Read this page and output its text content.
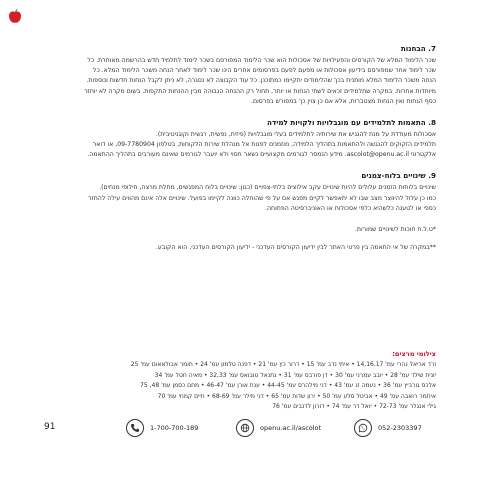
7. הבחנות

שכר הלימוד המלא של הקורסים והפעילויות של אסכולות הוא שכר הלימוד המפורסם בשכר לימוד לתלמיד חדש בהרשמה מאוחרת. כל

שכר לימוד אחר שמפורסם בידיעון אסכולות או מפעם לפעם בפרסומים אחרים הינו שכר לימוד לאחר הנחה משכר הלימוד המלא. כל

הנחה משכר הלימוד המלא מותנית בכך שהלימודים יתקיימו כמתוכנן. כל עוד הקבוצה לא נסגרה, לא ניתן לקבל הנחות חדשות ונוספות.

מיוחדות אחרות. במקרה שתלמידים זכאים לשתי הנחות או יותר, תחול רק ההנחה הגבוהה מבין ההנחות התקפות. בשום מקרה לא יוחזר

כסף הנחות ואין הנחות מצטברות, אלא אם כן צוין כך במפורש בפרסום.

8. התאמות לתלמידים עם מוגבלויות ולקויות למידה

אסכולות מעודדת על מנת להנגיש את שירותיה לתלמידים בעלי מוגבלויות (פיזית, נפשית, רגשית וקוגניטיבית).

תלמידים הזקוקים להנגשה ולהתאמות בתהליך הלמידה, מוזמנים לפנות אל מנהלת שירות הלקוחות, בטלפון 09-7780904, או דואר

אלקטרוני ascolot@openu.ac.il. מידע הנמסר לגורמים מקצועיים נשאר חסוי ולא יועבר לגורמים שאינם מעורבים בתהליך ההתאמה.

9. שינויים בלוח-צמנים

שינויים בלוחות הזמנים עלולים להיות שינויים עקב אילוצים בלתי-צפויים (כגון: שינויים בלוח המפגשים, מחלת מרצה, חילופי מנחים).

כמו כן עלול להיווצר מצב שבו לא יתאפשר לקיים מפגש אם על פי שהוחלה כוונה לקיימו בפועל. שינויים אלה אינם מהווים עילה להחזר

כספי או לטענה כלשהיא כלפי אסכולות או האוניברסיטה הפתוחה.

*ט.ל.ח חוכות לשינויים שמורות.

**במקרה של אי התאמה בין פרטי האתר לבין ידיעון הקורסים העדכני - ידיעון הקורסים העדכני, הוא הקובע.

צילומי מרצים:

ורד אריאל נהרי עמ' 14,16,17 • איתי נדב עמ' 15 • דרור כץ עמ' 21 • דפנה טלמון עמ' 24 • תומר אבולאאום עמ' 25

יונית שילד עמ' 28 • יובב עמרני עמ' 30 • דן פורבס עמ' 31 • נתנאל טובואס עמ' 32,33 • מאיה חטל עמ' 34

אלכס גורביץ עמ' 36 • נעמה זנ עמ' 43 • דני מילהרס עמ' 44-45 • ענת אורן עמ' 46-47 • מחם כסמן עמ' 48, 75

איתמר רואבה עמ' 49 • אביטל סלע עמ' 50 • ירון שדות עמ' 65 • דני מילר עמ' 68-69 • חיים קמחי עמ' 70

גילי אנגלר עמ' 72-73 • יואל דר עמ' 74 • דורון לדנבים עמ' 76

91	1-700-700-189	openu.ac.il/ascolot	052-2303397
